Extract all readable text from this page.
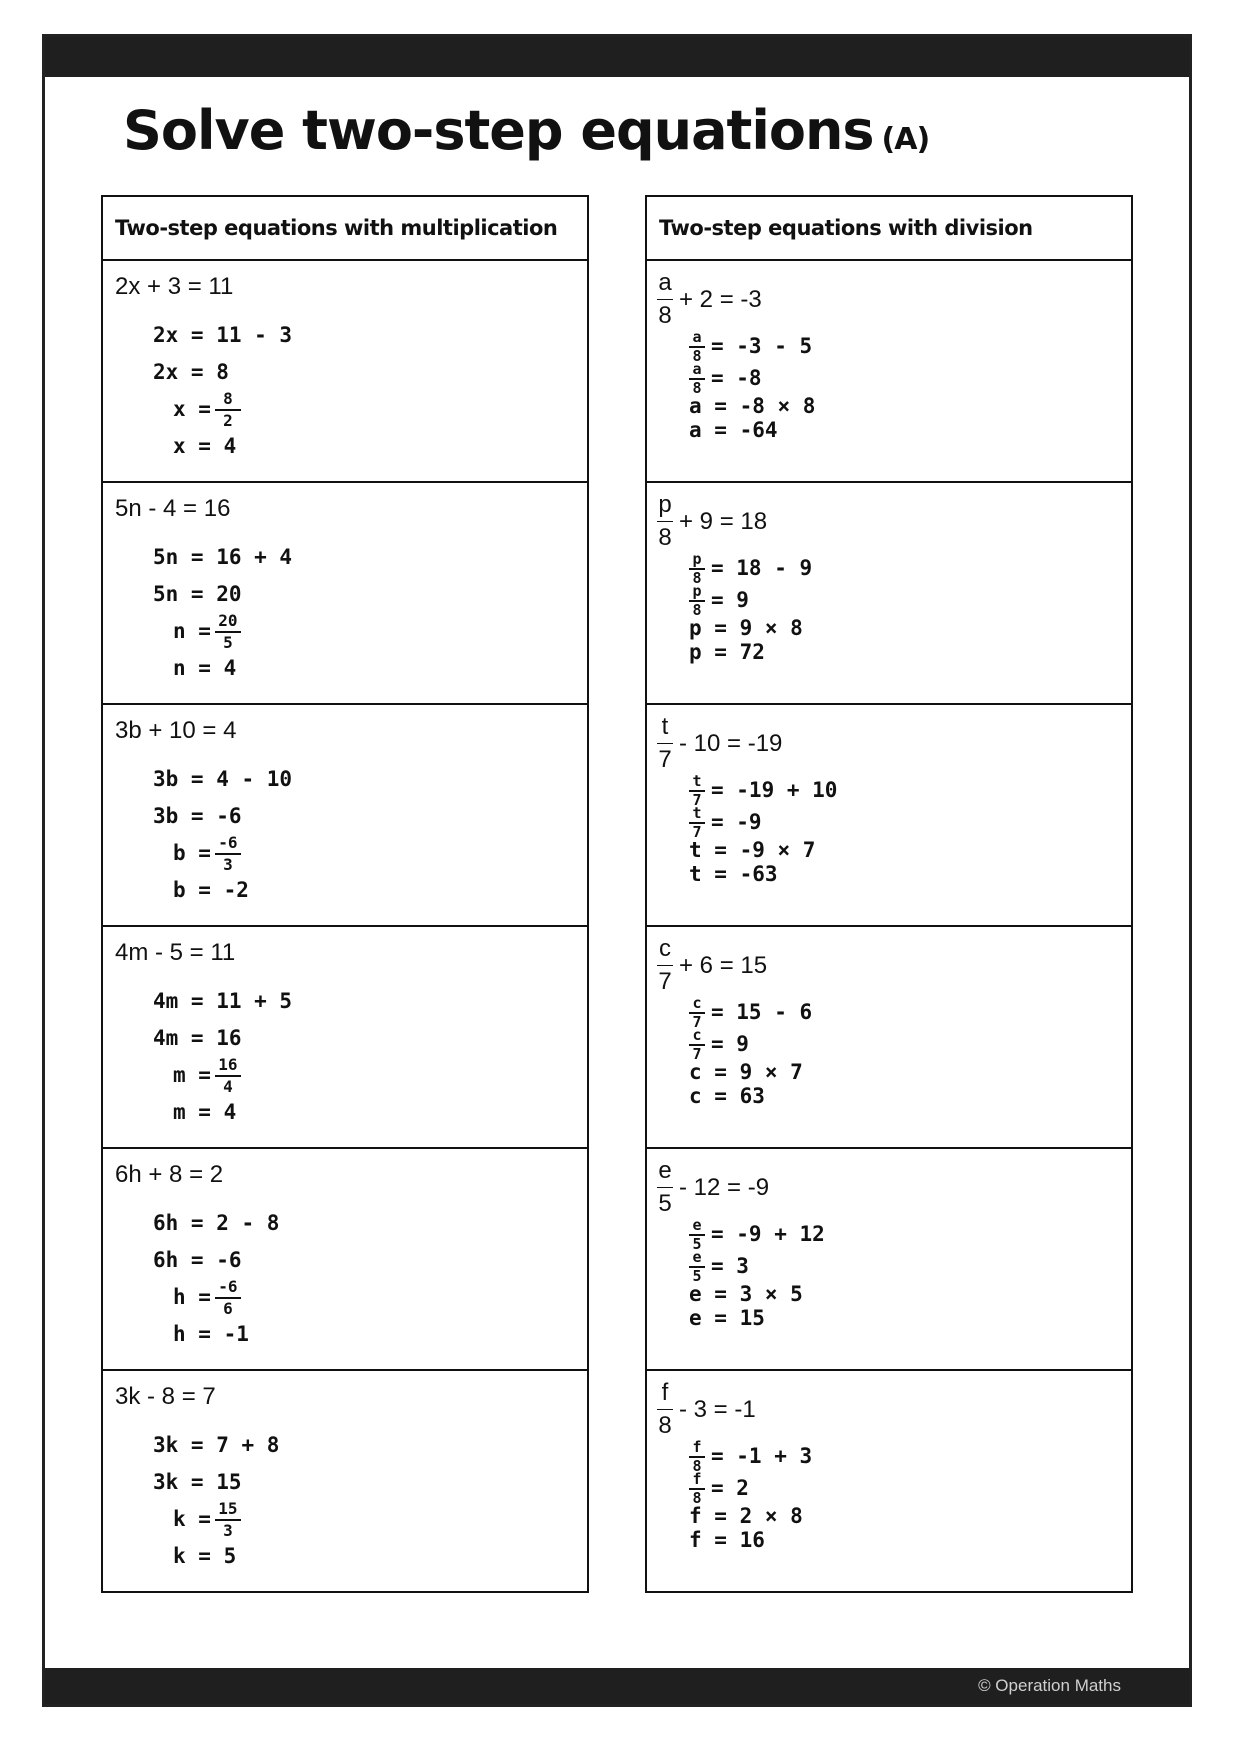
Solve two-step equations (A)
Two-step equations with multiplication
2x + 3 = 11
2x = 11 - 3
2x = 8
x = 8
2
x = 4
5n - 4 = 16
5n = 16 + 4
5n = 20
n = 20
5
n = 4
3b + 10 = 4
3b = 4 - 10
3b = -6
b = -6
3
b = -2
4m - 5 = 11
4m = 11 + 5
4m = 16
m = 16
4
m = 4
6h + 8 = 2
6h = 2 - 8
6h = -6
h = -6
6
h = -1
3k - 8 = 7
3k = 7 + 8
3k = 15
k = 15
3
k = 5
Two-step equations with division
a
8
+ 2 = -3
a
8 = -3 - 5
a
8 = -8
a = -8 × 8
a = -64
p
8
+ 9 = 18
p
8 = 18 - 9
p
8 = 9
p = 9 × 8
p = 72
t
7
- 10 = -19
t
7 = -19 + 10
t
7 = -9
t = -9 × 7
t = -63
c
7
+ 6 = 15
c
7 = 15 - 6
c
7 = 9
c = 9 × 7
c = 63
e
5
- 12 = -9
e
5 = -9 + 12
e
5 = 3
e = 3 × 5
e = 15
f
8
- 3 = -1
f
8 = -1 + 3
f
8 = 2
f = 2 × 8
f = 16
© Operation Maths
